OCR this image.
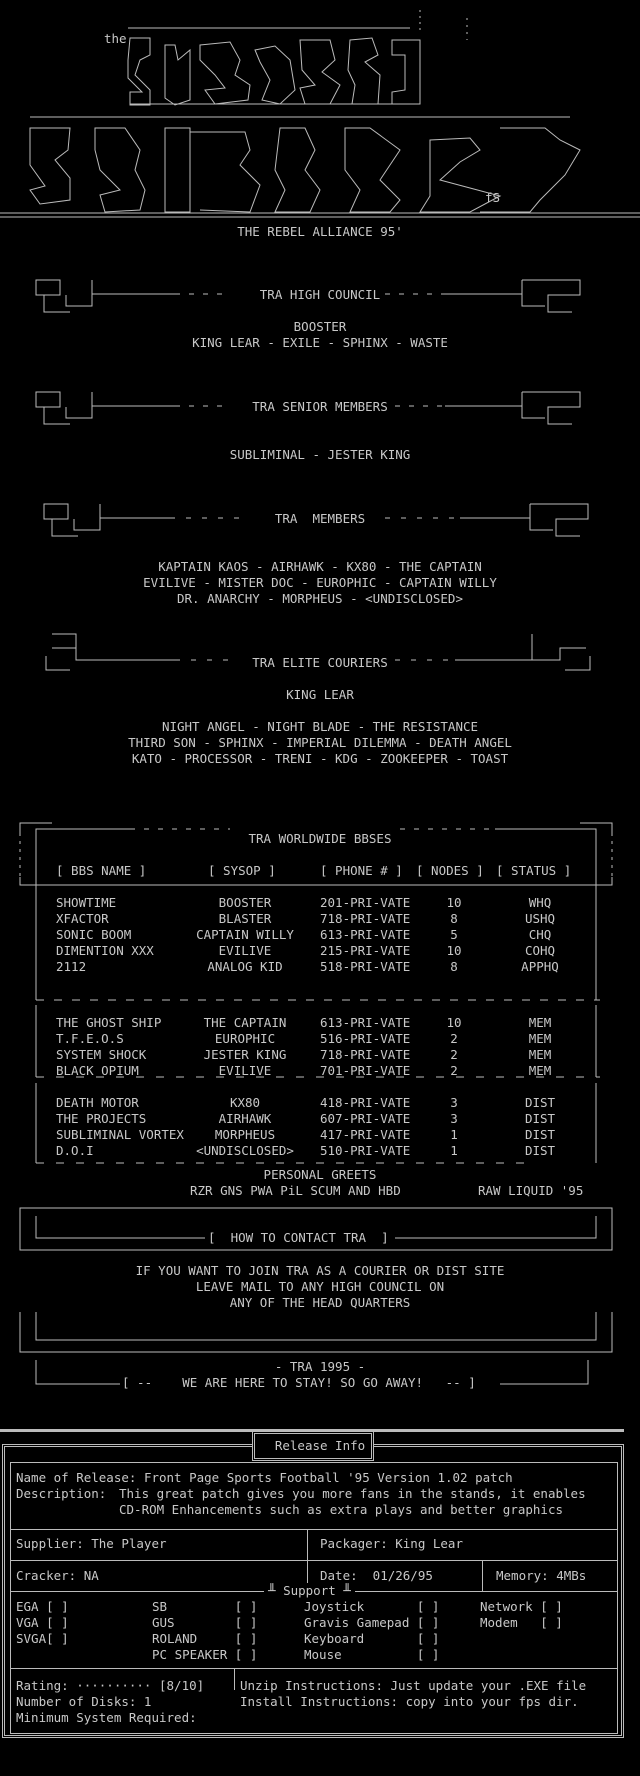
the
fS
THE REBEL ALLIANCE 95'
TRA HIGH COUNCIL
BOOSTER
KING LEAR - EXILE - SPHINX - WASTE
TRA SENIOR MEMBERS
SUBLIMINAL - JESTER KING
TRA  MEMBERS
KAPTAIN KAOS - AIRHAWK - KX80 - THE CAPTAIN
EVILIVE - MISTER DOC - EUROPHIC - CAPTAIN WILLY
DR. ANARCHY - MORPHEUS - <UNDISCLOSED>
TRA ELITE COURIERS
KING LEAR
NIGHT ANGEL - NIGHT BLADE - THE RESISTANCE
THIRD SON - SPHINX - IMPERIAL DILEMMA - DEATH ANGEL
KATO - PROCESSOR - TRENI - KDG - ZOOKEEPER - TOAST
TRA WORLDWIDE BBSES
[ BBS NAME ]	[ SYSOP ]	[ PHONE # ] [ NODES ] [ STATUS ]
SHOWTIME	BOOSTER	201-PRI-VATE	10	WHQ
XFACTOR	BLASTER	718-PRI-VATE	8	USHQ
SONIC BOOM	CAPTAIN WILLY	613-PRI-VATE	5	CHQ
DIMENTION XXX	EVILIVE	215-PRI-VATE	10	COHQ
2112	ANALOG KID	518-PRI-VATE	8	APPHQ
THE GHOST SHIP	THE CAPTAIN	613-PRI-VATE	10	MEM
T.F.E.O.S	EUROPHIC	516-PRI-VATE	2	MEM
SYSTEM SHOCK	JESTER KING	718-PRI-VATE	2	MEM
BLACK OPIUM	EVILIVE	701-PRI-VATE	2	MEM
DEATH MOTOR	KX80	418-PRI-VATE	3	DIST
THE PROJECTS	AIRHAWK	607-PRI-VATE	3	DIST
SUBLIMINAL VORTEX	MORPHEUS	417-PRI-VATE	1	DIST
D.O.I	<UNDISCLOSED>	510-PRI-VATE	1	DIST
PERSONAL GREETS
RZR GNS PWA PiL SCUM AND HBD	RAW LIQUID '95
[  HOW TO CONTACT TRA  ]
IF YOU WANT TO JOIN TRA AS A COURIER OR DIST SITE
LEAVE MAIL TO ANY HIGH COUNCIL ON
ANY OF THE HEAD QUARTERS
- TRA 1995 -
[ --    WE ARE HERE TO STAY! SO GO AWAY!   -- ]
Release Info
Name of Release: Front Page Sports Football '95 Version 1.02 patch
Description: This great patch gives you more fans in the stands, it enables
CD-ROM Enhancements such as extra plays and better graphics
Supplier: The Player	Packager: King Lear
Cracker: NA	Date:  01/26/95	Memory: 4MBs
╨ Support ╨
EGA [ ]
VGA [ ]
SVGA[ ]
SB         [ ]
GUS        [ ]
ROLAND     [ ]
PC SPEAKER [ ]
Joystick       [ ]
Gravis Gamepad [ ]
Keyboard       [ ]
Mouse          [ ]
Network [ ]
Modem   [ ]
Rating: ·········· [8/10]
Number of Disks: 1
Minimum System Required:
Unzip Instructions: Just update your .EXE file
Install Instructions: copy into your fps dir.
